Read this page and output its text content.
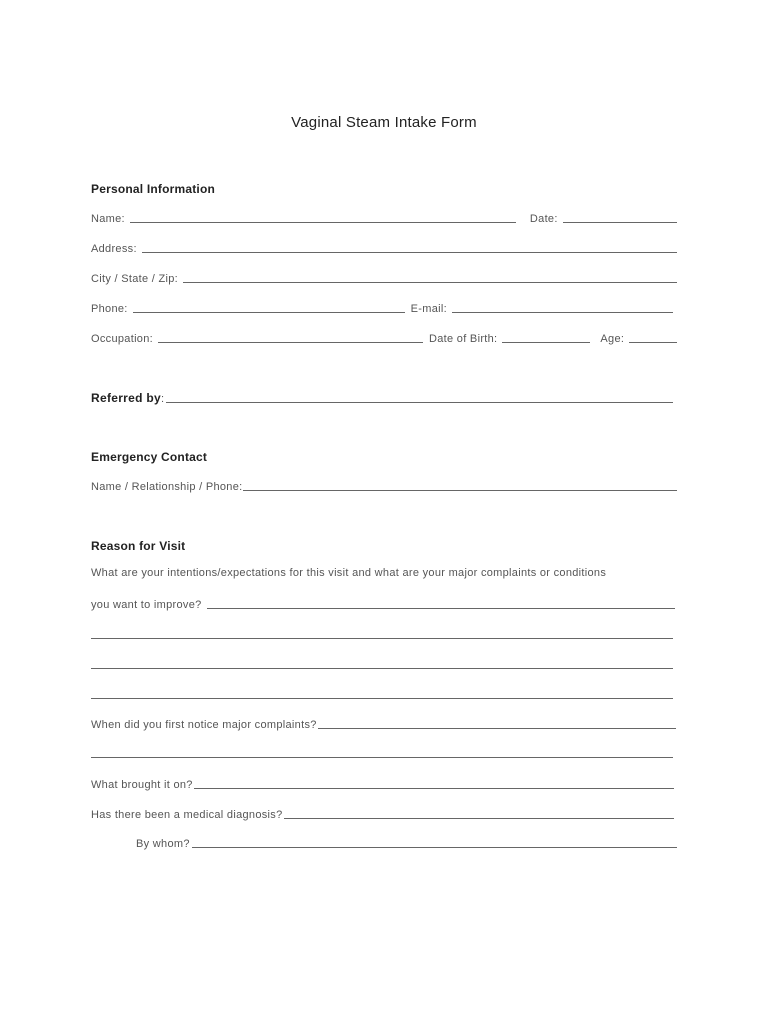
Vaginal Steam Intake Form
Personal Information
Name:	Date:
Address:
City / State / Zip:
Phone:	E-mail:
Occupation:	Date of Birth:	Age:
Referred by :
Emergency Contact
Name / Relationship / Phone:
Reason for Visit
What are your intentions/expectations for this visit and what are your major complaints or conditions
you want to improve?
When did you first notice major complaints?
What brought it on?
Has there been a medical diagnosis?
By whom?
